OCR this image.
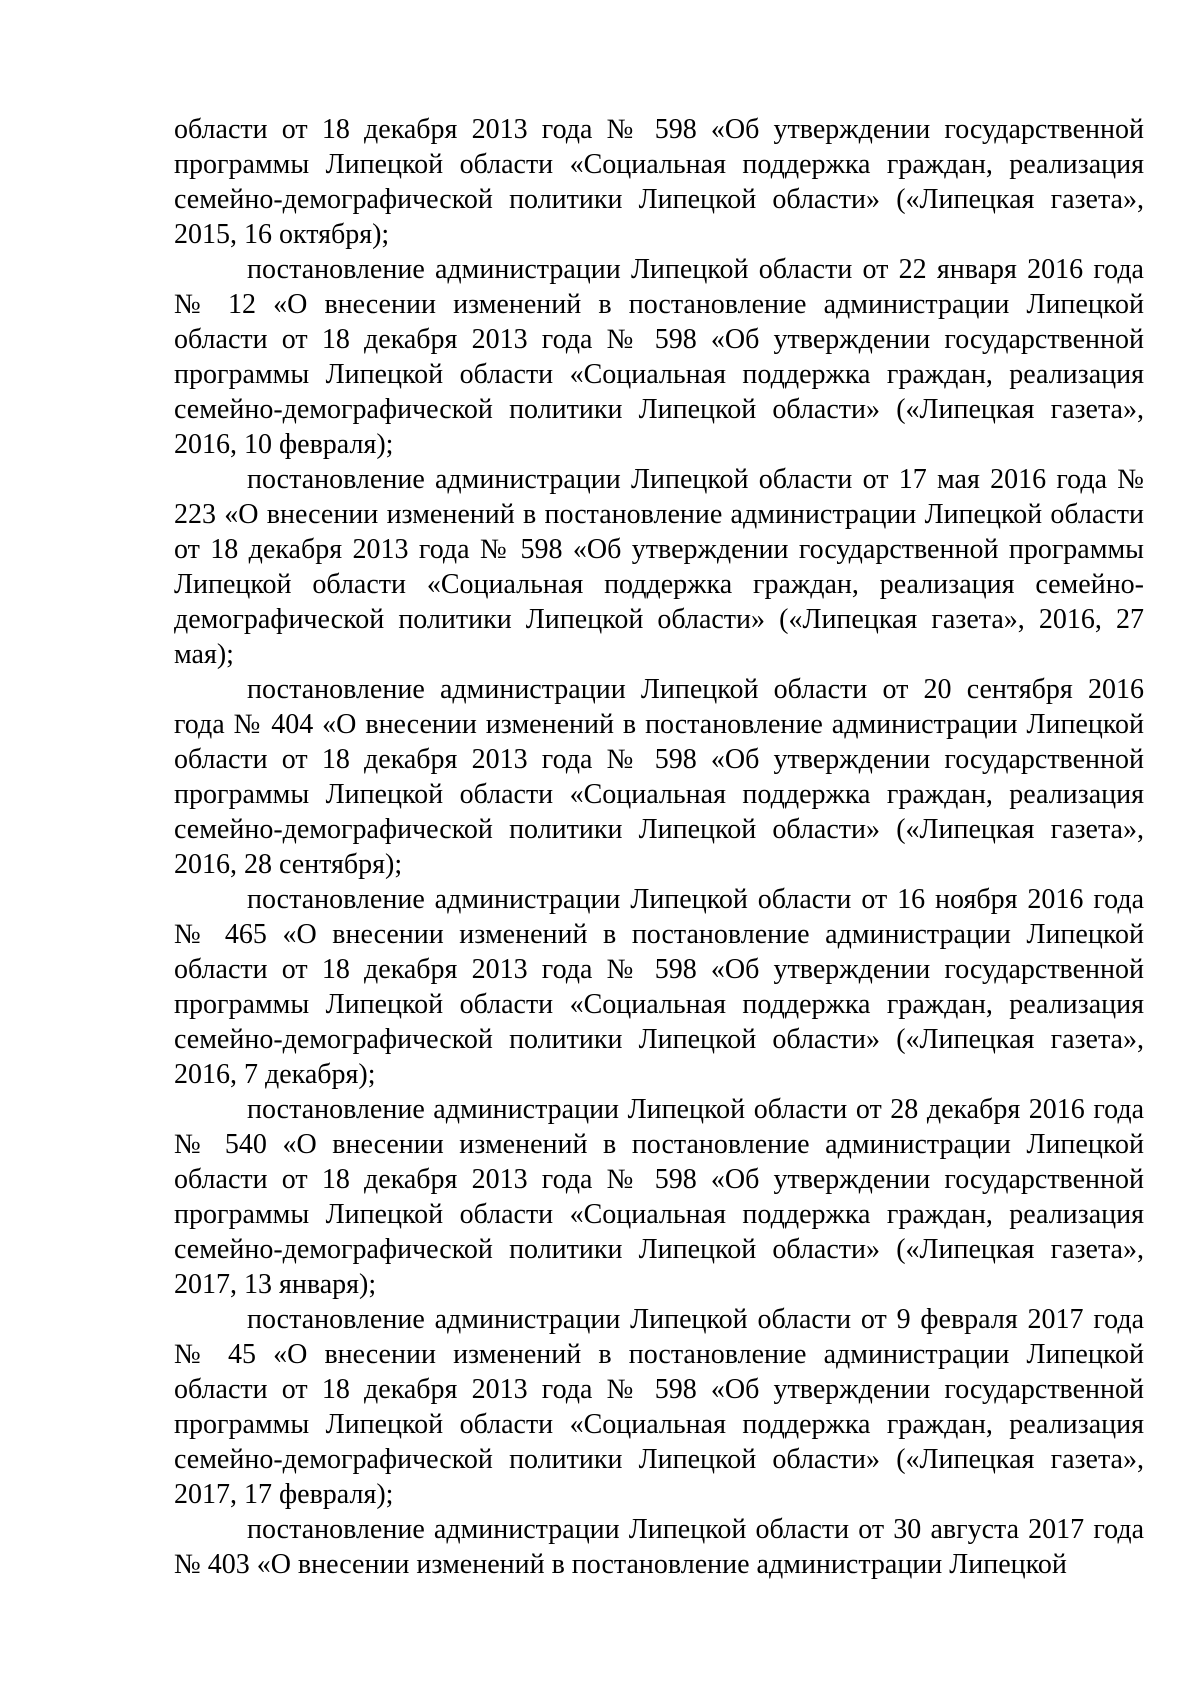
области от 18 декабря 2013 года № 598 «Об утверждении государственной программы Липецкой области «Социальная поддержка граждан, реализация семейно-демографической политики Липецкой области» («Липецкая газета», 2015, 16 октября);

постановление администрации Липецкой области от 22 января 2016 года № 12 «О внесении изменений в постановление администрации Липецкой области от 18 декабря 2013 года № 598 «Об утверждении государственной программы Липецкой области «Социальная поддержка граждан, реализация семейно-демографической политики Липецкой области» («Липецкая газета», 2016, 10 февраля);

постановление администрации Липецкой области от 17 мая 2016 года № 223 «О внесении изменений в постановление администрации Липецкой области от 18 декабря 2013 года № 598 «Об утверждении государственной программы Липецкой области «Социальная поддержка граждан, реализация семейно-демографической политики Липецкой области» («Липецкая газета», 2016, 27 мая);

постановление администрации Липецкой области от 20 сентября 2016 года № 404 «О внесении изменений в постановление администрации Липецкой области от 18 декабря 2013 года № 598 «Об утверждении государственной программы Липецкой области «Социальная поддержка граждан, реализация семейно-демографической политики Липецкой области» («Липецкая газета», 2016, 28 сентября);

постановление администрации Липецкой области от 16 ноября 2016 года № 465 «О внесении изменений в постановление администрации Липецкой области от 18 декабря 2013 года № 598 «Об утверждении государственной программы Липецкой области «Социальная поддержка граждан, реализация семейно-демографической политики Липецкой области» («Липецкая газета», 2016, 7 декабря);

постановление администрации Липецкой области от 28 декабря 2016 года № 540 «О внесении изменений в постановление администрации Липецкой области от 18 декабря 2013 года № 598 «Об утверждении государственной программы Липецкой области «Социальная поддержка граждан, реализация семейно-демографической политики Липецкой области» («Липецкая газета», 2017, 13 января);

постановление администрации Липецкой области от 9 февраля 2017 года № 45 «О внесении изменений в постановление администрации Липецкой области от 18 декабря 2013 года № 598 «Об утверждении государственной программы Липецкой области «Социальная поддержка граждан, реализация семейно-демографической политики Липецкой области» («Липецкая газета», 2017, 17 февраля);

постановление администрации Липецкой области от 30 августа 2017 года № 403 «О внесении изменений в постановление администрации Липецкой
